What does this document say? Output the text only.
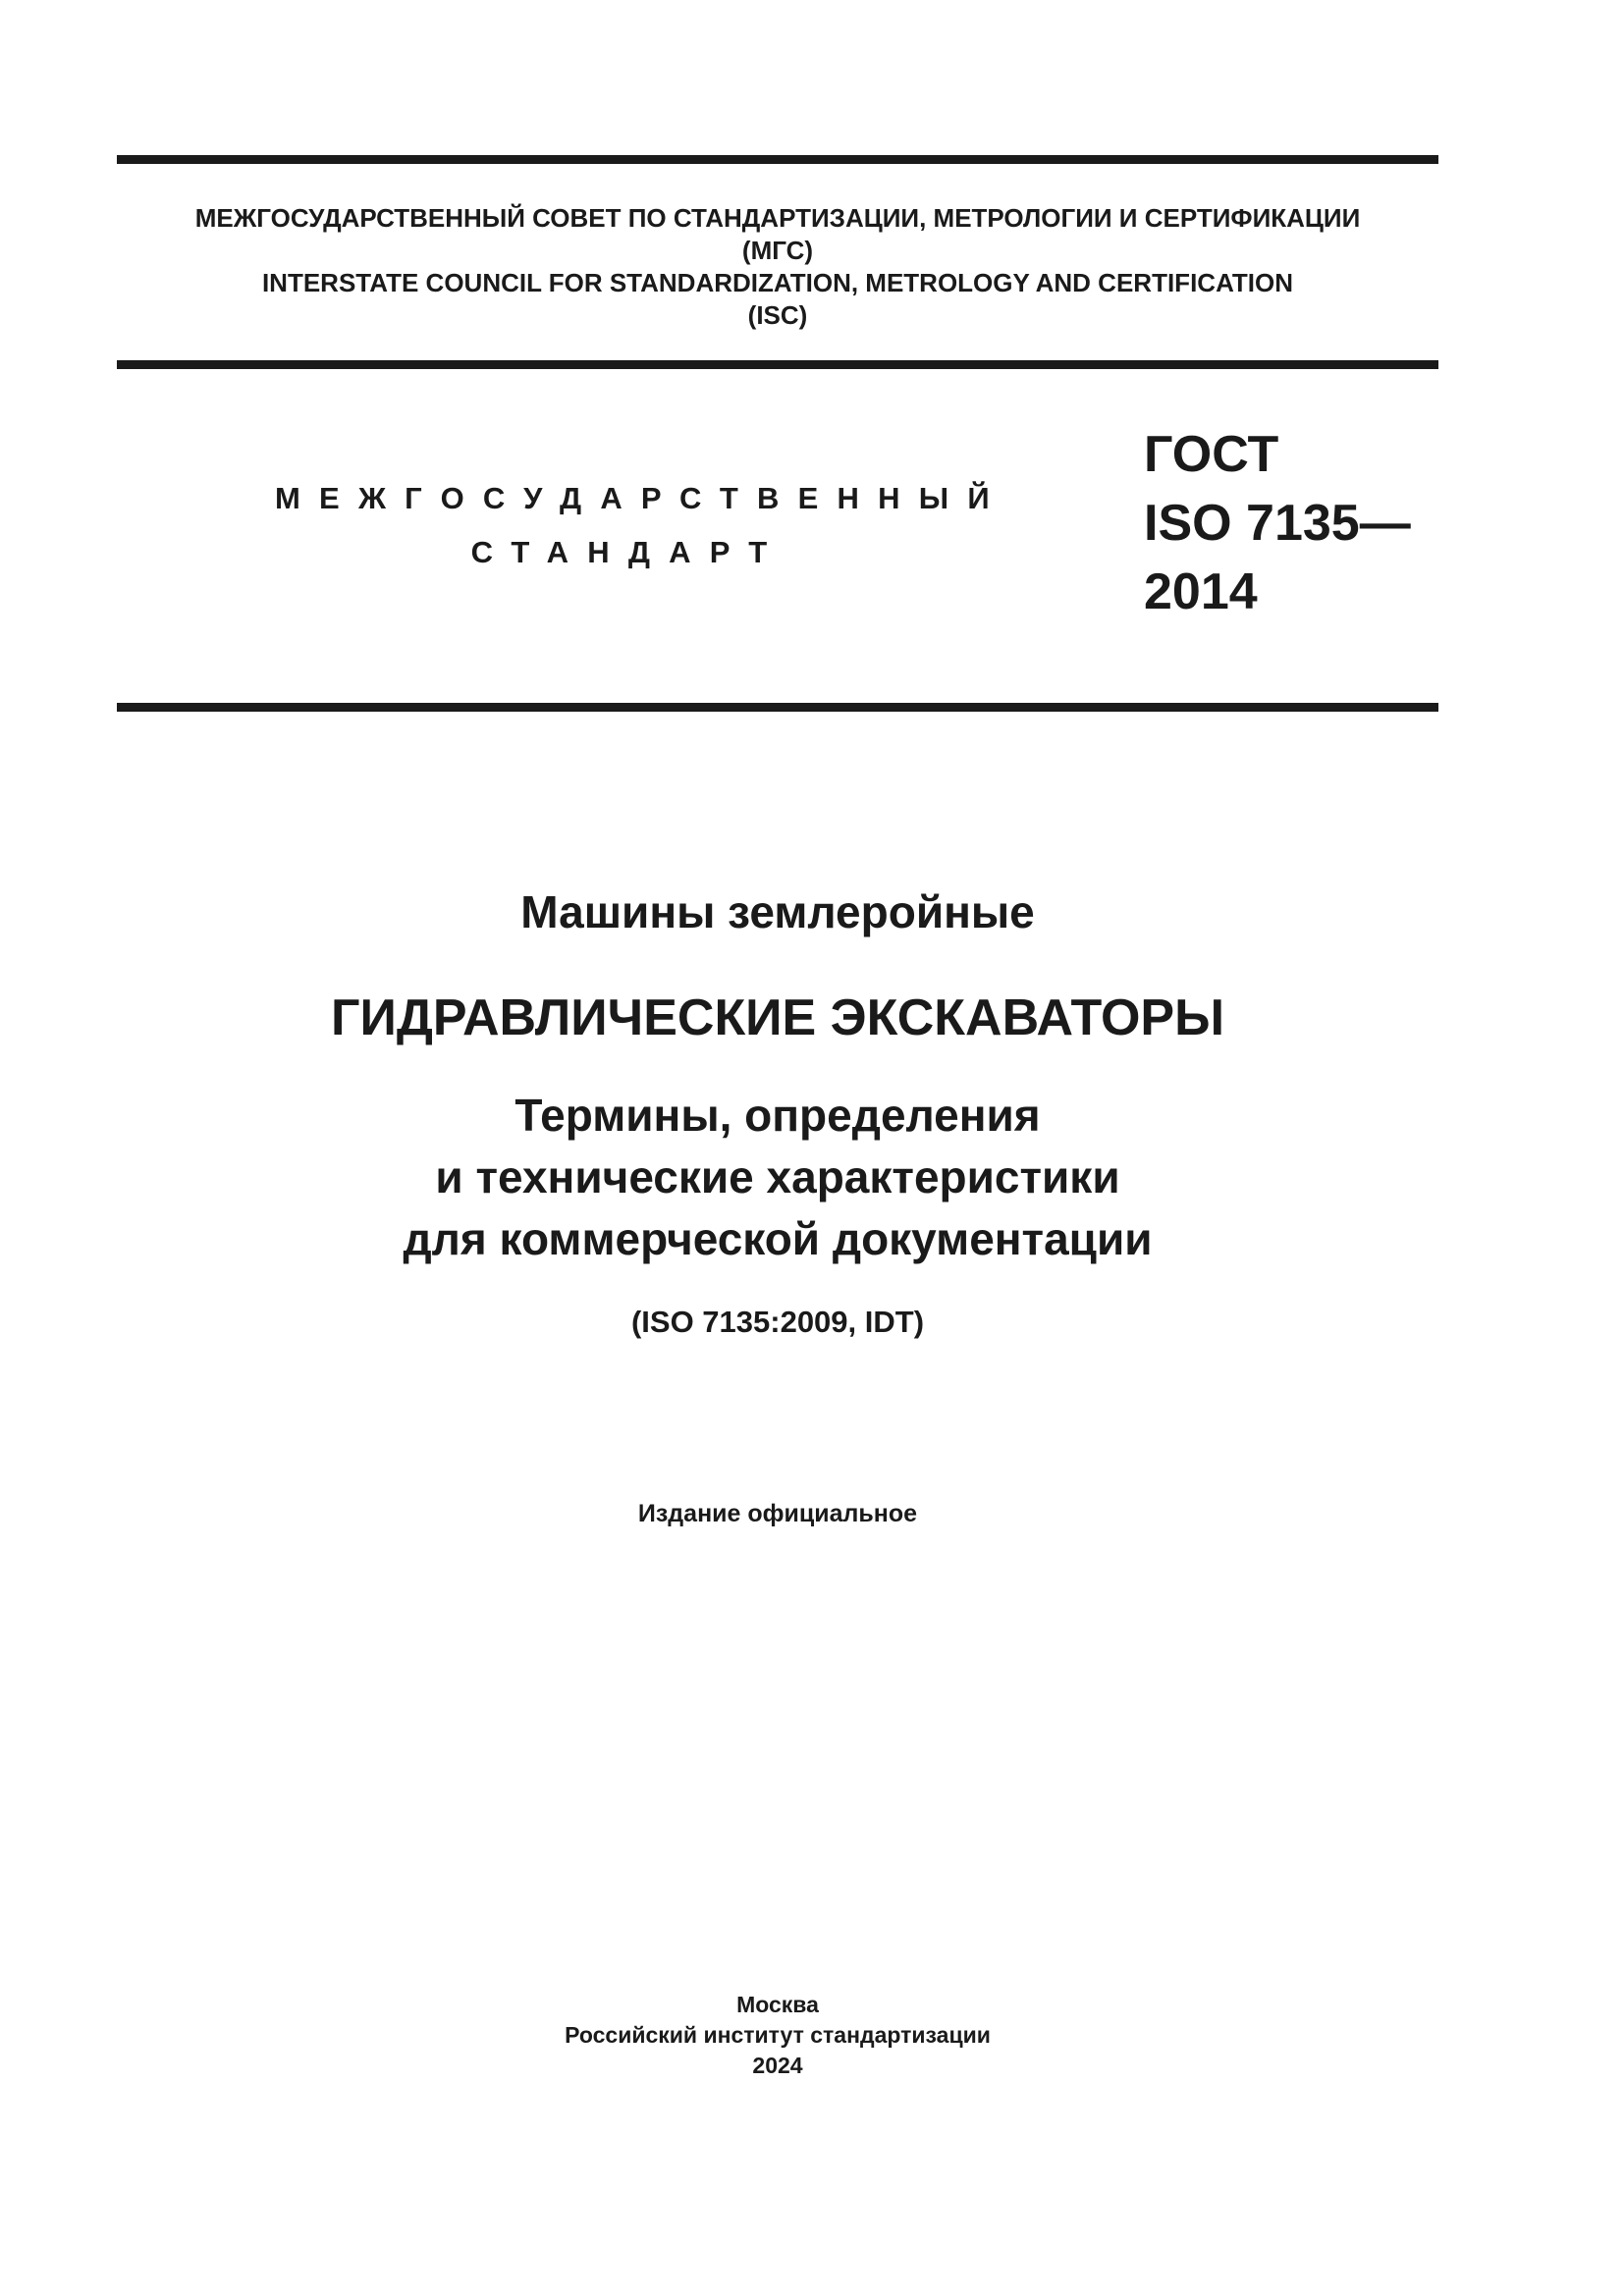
МЕЖГОСУДАРСТВЕННЫЙ СОВЕТ ПО СТАНДАРТИЗАЦИИ, МЕТРОЛОГИИ И СЕРТИФИКАЦИИ
(МГС)
INTERSTATE COUNCIL FOR STANDARDIZATION, METROLOGY AND CERTIFICATION
(ISC)
МЕЖГОСУДАРСТВЕННЫЙ
СТАНДАРТ
ГОСТ
ISO 7135—
2014
Машины землеройные
ГИДРАВЛИЧЕСКИЕ ЭКСКАВАТОРЫ
Термины, определения
и технические характеристики
для коммерческой документации
(ISO 7135:2009, IDT)
Издание официальное
Москва
Российский институт стандартизации
2024
